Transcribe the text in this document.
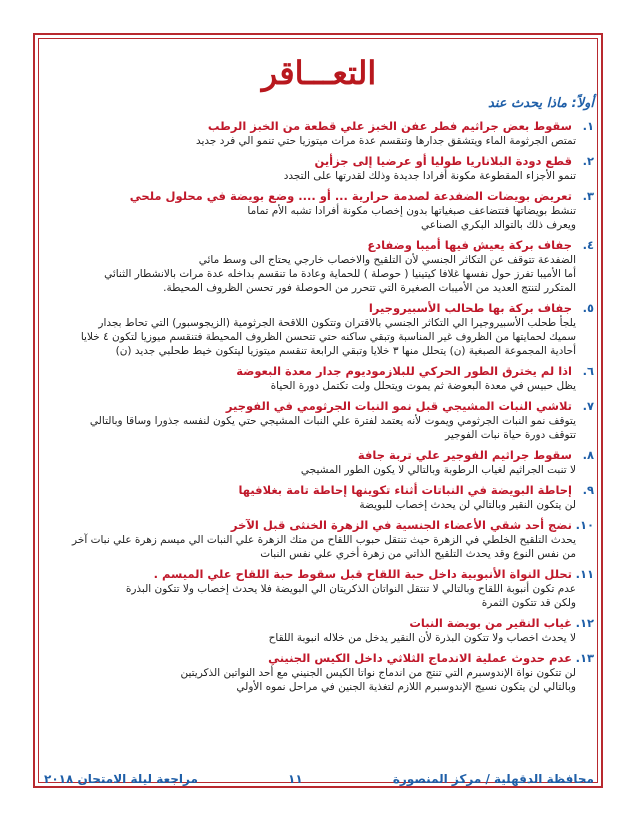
التعـــاقر
أولاً: ماذا يحدث عند
١.
سقوط بعض جراثيم فطر عفن الخبز علي قطعة من الخبز الرطب
تمتص الجرثومة الماء ويتشقق جدارها وتنقسم عدة مرات ميتوزيا حتي تنمو الي فرد جديد
٢.
قطع دودة البلاناريا طوليا أو عرضيا إلى جزأين
تنمو الأجزاء المقطوعة مكونة أفرادا جديدة وذلك لقدرتها على التجدد
٣.
تعريض بويضات الضفدعة لصدمة حرارية ... أو .... وضع بويضة في محلول ملحي
تنشط بويضاتها فتتضاعف صبغياتها بدون إخصاب مكونة أفرادا تشبه الأم تماما
ويعرف ذلك بالتوالد البكري الصناعي
٤.
جفاف بركة يعيش فيها أميبا وضفادع
الضفدعة تتوقف عن التكاثر الجنسي لأن التلقيح والاخصاب خارجي يحتاج الى وسط مائي
أما الأميبا تفرز حول نفسها غلافا كيتينيا ( حوصلة ) للحماية وعادة ما تنقسم بداخله عدة مرات بالانشطار الثنائي
المتكرر لتنتج العديد من الأميبات الصغيرة التي تتحرر من الحوصلة فور تحسن الظروف المحيطة.
٥.
جفاف بركة بها طحالب الأسبيروجيرا
يلجأ طحلب الأسبيروجيرا الي التكاثر الجنسي بالاقتران وتتكون اللاقحة الجرثومية (الزيجوسبور) التي تحاط بجدار
سميك لحمايتها من الظروف غير المناسبة وتبقي ساكنه حتي تتحسن الظروف المحيطة فتنقسم ميوزيا لتكون ٤ خلايا
أحادية المجموعة الصبغية (ن) يتحلل منها ٣ خلايا وتبقي الرابعة تنقسم ميتوزيا ليتكون خيط طحلبي جديد (ن)
٦.
اذا لم يخترق الطور الحركي للبلازموديوم جدار معدة البعوضة
يظل حبيس في معدة البعوضة ثم يموت ويتحلل ولت تكتمل دورة الحياة
٧.
تلاشي النبات المشيجي قبل نمو النبات الجرثومي في الفوجير
يتوقف نمو النبات الجرثومي ويموت لأنه يعتمد لفترة علي النبات المشيجي حتي يكون لنفسه جذورا وساقا وبالتالي
تتوقف دورة حياة نبات الفوجير
٨.
سقوط جراثيم الفوجير علي تربة جافة
لا تنبت الجراثيم لغياب الرطوبة وبالتالي لا يكون الطور المشيجي
٩.
إحاطة البويضة في النباتات أثناء تكوينها إحاطة تامة بغلافيها
لن يتكون النقير وبالتالي لن يحدث إخصاب للبويضة
١٠.
نضج أحد شقي الأعضاء الجنسية في الزهرة الخنثى قبل الآخر
يحدث التلقيح الخلطي في الزهرة حيث تنتقل حبوب اللقاح من متك الزهرة علي النبات الي ميسم زهرة علي نبات آخر
من نفس النوع وقد يحدث التلقيح الذاتي من زهرة أخري علي نفس النبات
١١.
تحلل النواة الأنبوبية داخل حبة اللقاح قبل سقوط حبة اللقاح علي الميسم .
عدم تكون أنبوبة اللقاح وبالتالي لا تنتقل النواتان الذكريتان الي البويضة فلا يحدث إخصاب ولا تتكون البذرة
ولكن قد تتكون الثمرة
١٢.
غياب النقير من بويضة النبات
لا يحدث اخصاب ولا تتكون البذرة لأن النقير يدخل من خلاله انبوبة اللقاح
١٣.
عدم حدوث عملية الاندماج الثلاثي داخل الكيس الجنيني
لن تتكون نواة الإندوسبرم التي تنتج من اندماج نواتا الكيس الجنيني مع أحد النواتين الذكريتين
وبالتالي لن يتكون نسيج الإندوسبرم اللازم لتغذية الجنين في مراحل نموه الأولي
محافظة الدقهلية / مركز المنصورة
١١
مراجعة ليلة الامتحان ٢٠١٨
